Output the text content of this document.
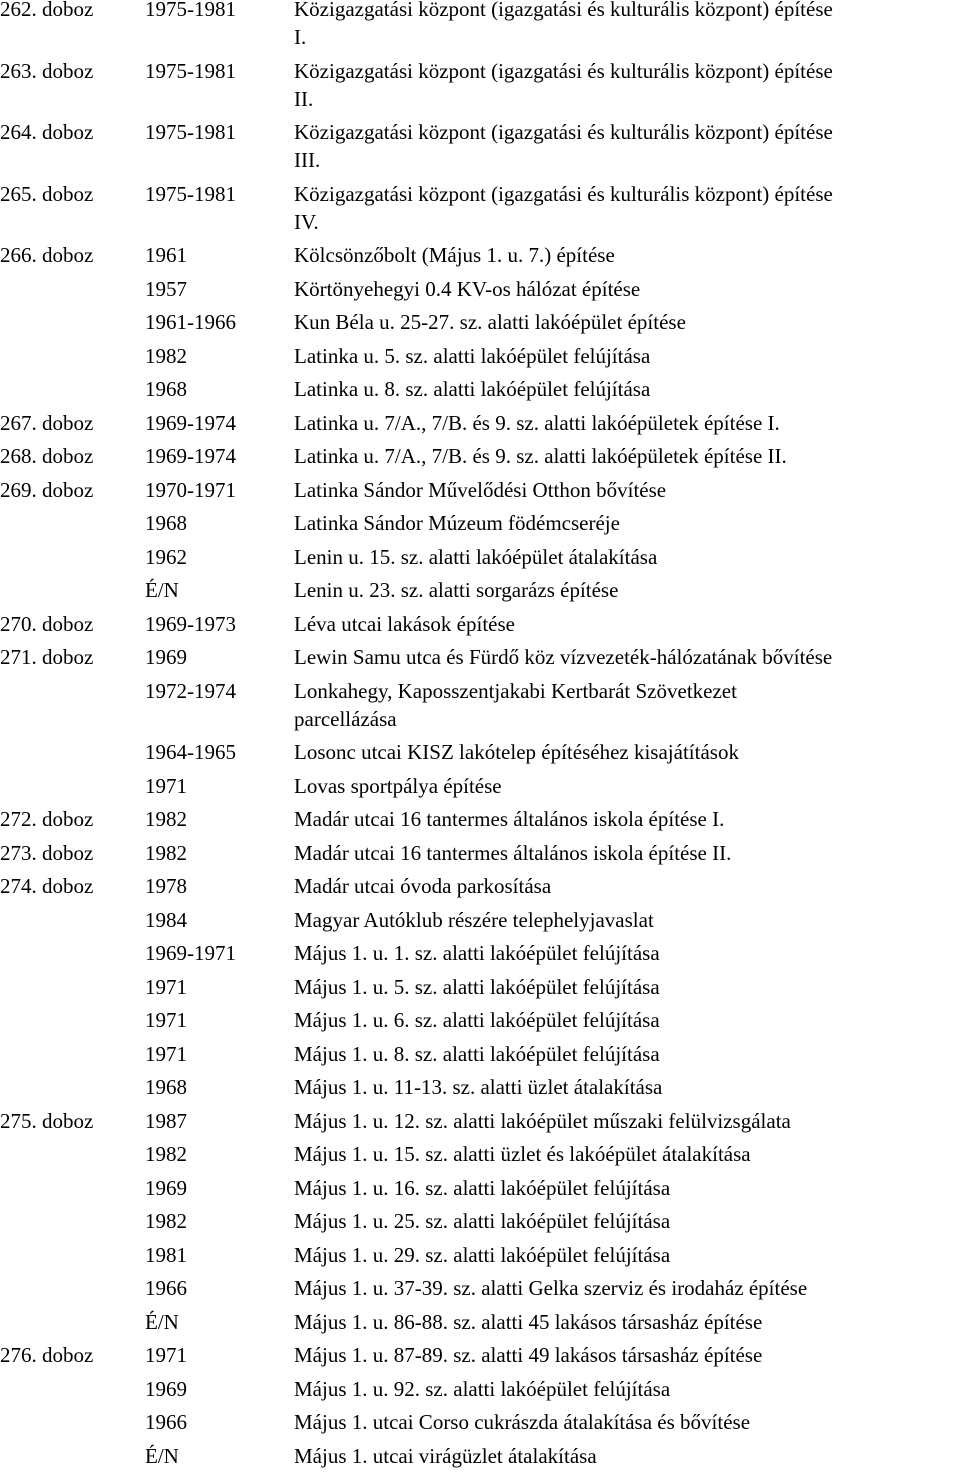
262. doboz 1975-1981	Közigazgatási központ (igazgatási és kulturális központ) építése
I.
263. doboz 1975-1981	Közigazgatási központ (igazgatási és kulturális központ) építése
II.
264. doboz 1975-1981	Közigazgatási központ (igazgatási és kulturális központ) építése
III.
265. doboz 1975-1981	Közigazgatási központ (igazgatási és kulturális központ) építése
IV.
266. doboz 1961	Kölcsönzőbolt (Május 1. u. 7.) építése
1957	Körtönyehegyi 0.4 KV-os hálózat építése
1961-1966	Kun Béla u. 25-27. sz. alatti lakóépület építése
1982	Latinka u. 5. sz. alatti lakóépület felújítása
1968	Latinka u. 8. sz. alatti lakóépület felújítása
267. doboz 1969-1974	Latinka u. 7/A., 7/B. és 9. sz. alatti lakóépületek építése I.
268. doboz 1969-1974	Latinka u. 7/A., 7/B. és 9. sz. alatti lakóépületek építése II.
269. doboz 1970-1971	Latinka Sándor Művelődési Otthon bővítése
1968	Latinka Sándor Múzeum födémcseréje
1962	Lenin u. 15. sz. alatti lakóépület átalakítása
É/N	Lenin u. 23. sz. alatti sorgarázs építése
270. doboz 1969-1973	Léva utcai lakások építése
271. doboz 1969	Lewin Samu utca és Fürdő köz vízvezeték-hálózatának bővítése
1972-1974	Lonkahegy, Kaposszentjakabi Kertbarát Szövetkezet
parcellázása
1964-1965	Losonc utcai KISZ lakótelep építéséhez kisajátítások
1971	Lovas sportpálya építése
272. doboz 1982	Madár utcai 16 tantermes általános iskola építése I.
273. doboz 1982	Madár utcai 16 tantermes általános iskola építése II.
274. doboz 1978	Madár utcai óvoda parkosítása
1984	Magyar Autóklub részére telephelyjavaslat
1969-1971	Május 1. u. 1. sz. alatti lakóépület felújítása
1971	Május 1. u. 5. sz. alatti lakóépület felújítása
1971	Május 1. u. 6. sz. alatti lakóépület felújítása
1971	Május 1. u. 8. sz. alatti lakóépület felújítása
1968	Május 1. u. 11-13. sz. alatti üzlet átalakítása
275. doboz 1987	Május 1. u. 12. sz. alatti lakóépület műszaki felülvizsgálata
1982	Május 1. u. 15. sz. alatti üzlet és lakóépület átalakítása
1969	Május 1. u. 16. sz. alatti lakóépület felújítása
1982	Május 1. u. 25. sz. alatti lakóépület felújítása
1981	Május 1. u. 29. sz. alatti lakóépület felújítása
1966	Május 1. u. 37-39. sz. alatti Gelka szerviz és irodaház építése
É/N	Május 1. u. 86-88. sz. alatti 45 lakásos társasház építése
276. doboz 1971	Május 1. u. 87-89. sz. alatti 49 lakásos társasház építése
1969	Május 1. u. 92. sz. alatti lakóépület felújítása
1966	Május 1. utcai Corso cukrászda átalakítása és bővítése
É/N	Május 1. utcai virágüzlet átalakítása
